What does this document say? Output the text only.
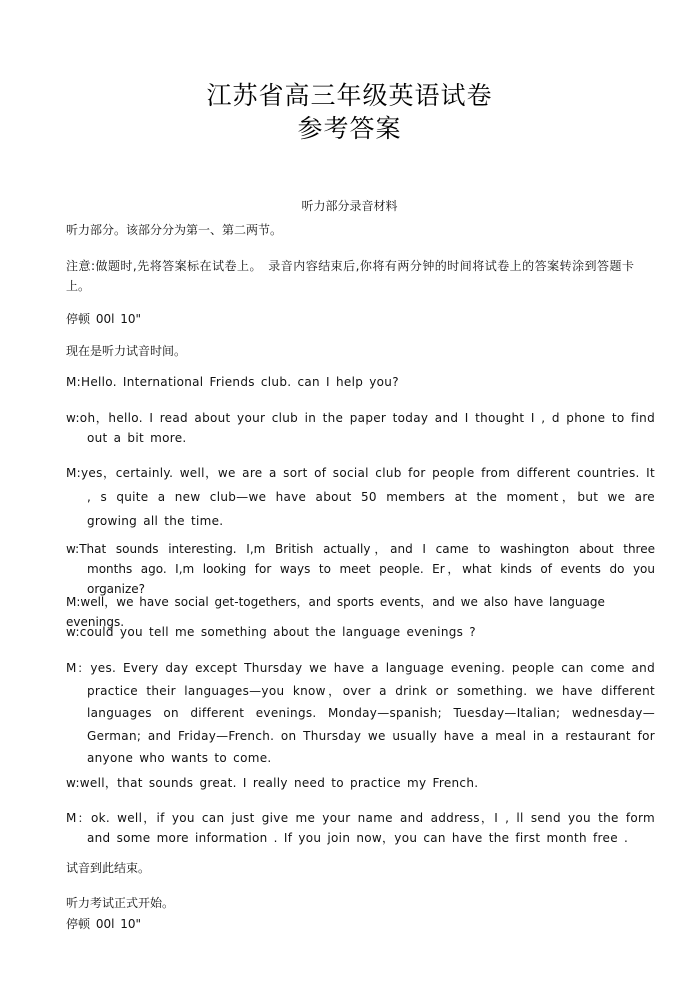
江苏省高三年级英语试卷
参考答案
听力部分录音材料
听力部分。该部分分为第一、第二两节。
注意:做题时,先将答案标在试卷上。 录音内容结束后,你将有两分钟的时间将试卷上的答案转涂到答题卡上。
停顿 00l 10"
现在是听力试音时间。
M:Hello. International Friends club. can I help you?
w:oh，hello. I read about your club in the paper today and I thought I , d phone to find out a bit more.
M:yes，certainly. well，we are a sort of social club for people from different countries. It , s quite a new club—we have about 50 members at the moment，but we are growing all the time.
w:That sounds interesting. I,m British actually，and I came to washington about three months ago. I,m looking for ways to meet people. Er，what kinds of events do you organize?
M:well，we have social get-togethers，and sports events，and we also have language evenings.
w:could you tell me something about the language evenings ?
M：yes. Every day except Thursday we have a language evening. people can come and practice their languages—you know，over a drink or something. we have different languages on different evenings. Monday—spanish; Tuesday—Italian; wednesday—German; and Friday—French. on Thursday we usually have a meal in a restaurant for anyone who wants to come.
w:well，that sounds great. I really need to practice my French.
M：ok. well，if you can just give me your name and address，I , ll send you the form and some more information . If you join now，you can have the first month free .
试音到此结束。
听力考试正式开始。
停顿 00l 10"
